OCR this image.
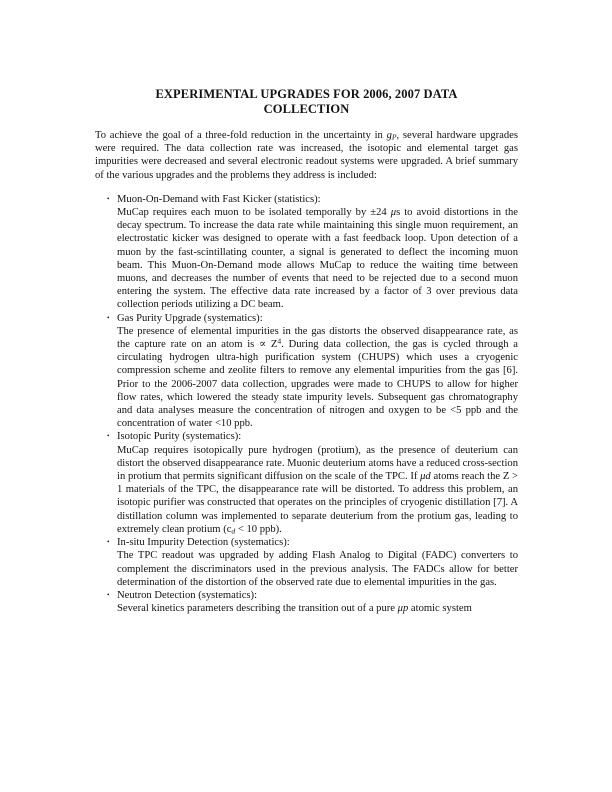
EXPERIMENTAL UPGRADES FOR 2006, 2007 DATA
COLLECTION

To achieve the goal of a three-fold reduction in the uncertainty in $g_P$, several hardware upgrades were required. The data collection rate was increased, the isotopic and elemental target gas impurities were decreased and several electronic readout systems were upgraded. A brief summary of the various upgrades and the problems they address is included:

• Muon-On-Demand with Fast Kicker (statistics):
MuCap requires each muon to be isolated temporally by ±24 μs to avoid distortions in the decay spectrum. To increase the data rate while maintaining this single muon requirement, an electrostatic kicker was designed to operate with a fast feedback loop. Upon detection of a muon by the fast-scintillating counter, a signal is generated to deflect the incoming muon beam. This Muon-On-Demand mode allows MuCap to reduce the waiting time between muons, and decreases the number of events that need to be rejected due to a second muon entering the system. The effective data rate increased by a factor of 3 over previous data collection periods utilizing a DC beam.
• Gas Purity Upgrade (systematics):
The presence of elemental impurities in the gas distorts the observed disappearance rate, as the capture rate on an atom is ∝ $Z^4$. During data collection, the gas is cycled through a circulating hydrogen ultra-high purification system (CHUPS) which uses a cryogenic compression scheme and zeolite filters to remove any elemental impurities from the gas [6]. Prior to the 2006-2007 data collection, upgrades were made to CHUPS to allow for higher flow rates, which lowered the steady state impurity levels. Subsequent gas chromatography and data analyses measure the concentration of nitrogen and oxygen to be <5 ppb and the concentration of water <10 ppb.
• Isotopic Purity (systematics):
MuCap requires isotopically pure hydrogen (protium), as the presence of deuterium can distort the observed disappearance rate. Muonic deuterium atoms have a reduced cross-section in protium that permits significant diffusion on the scale of the TPC. If μd atoms reach the Z > 1 materials of the TPC, the disappearance rate will be distorted. To address this problem, an isotopic purifier was constructed that operates on the principles of cryogenic distillation [7]. A distillation column was implemented to separate deuterium from the protium gas, leading to extremely clean protium ($c_d < 10$ ppb).
• In-situ Impurity Detection (systematics):
The TPC readout was upgraded by adding Flash Analog to Digital (FADC) converters to complement the discriminators used in the previous analysis. The FADCs allow for better determination of the distortion of the observed rate due to elemental impurities in the gas.
• Neutron Detection (systematics):
Several kinetics parameters describing the transition out of a pure μp atomic system
